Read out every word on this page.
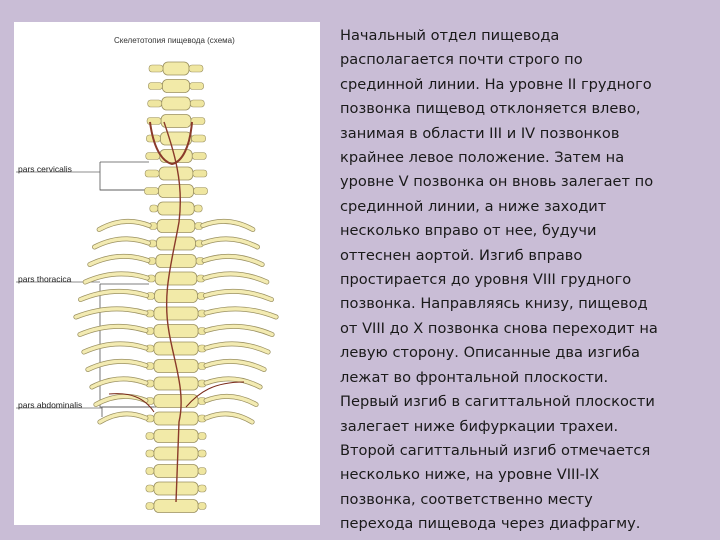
Скелетотопия пищевода (схема)
pars cervicalis
pars thoracica
pars abdominalis
Начальный отдел пищевода
располагается почти строго по
срединной линии. На уровне II грудного
позвонка пищевод отклоняется влево,
занимая в области III и IV позвонков
крайнее левое положение. Затем на
уровне V позвонка он вновь залегает по
срединной линии, а ниже заходит
несколько вправо от нее, будучи
оттеснен аортой. Изгиб вправо
простирается до уровня VIII грудного
позвонка. Направляясь книзу, пищевод
от VIII до X позвонка снова переходит на
левую сторону. Описанные два изгиба
лежат во фронтальной плоскости.
Первый изгиб в сагиттальной плоскости
залегает ниже бифуркации трахеи.
Второй сагиттальный изгиб отмечается
несколько ниже, на уровне VIII-IX
позвонка, соответственно месту
перехода пищевода через диафрагму.
